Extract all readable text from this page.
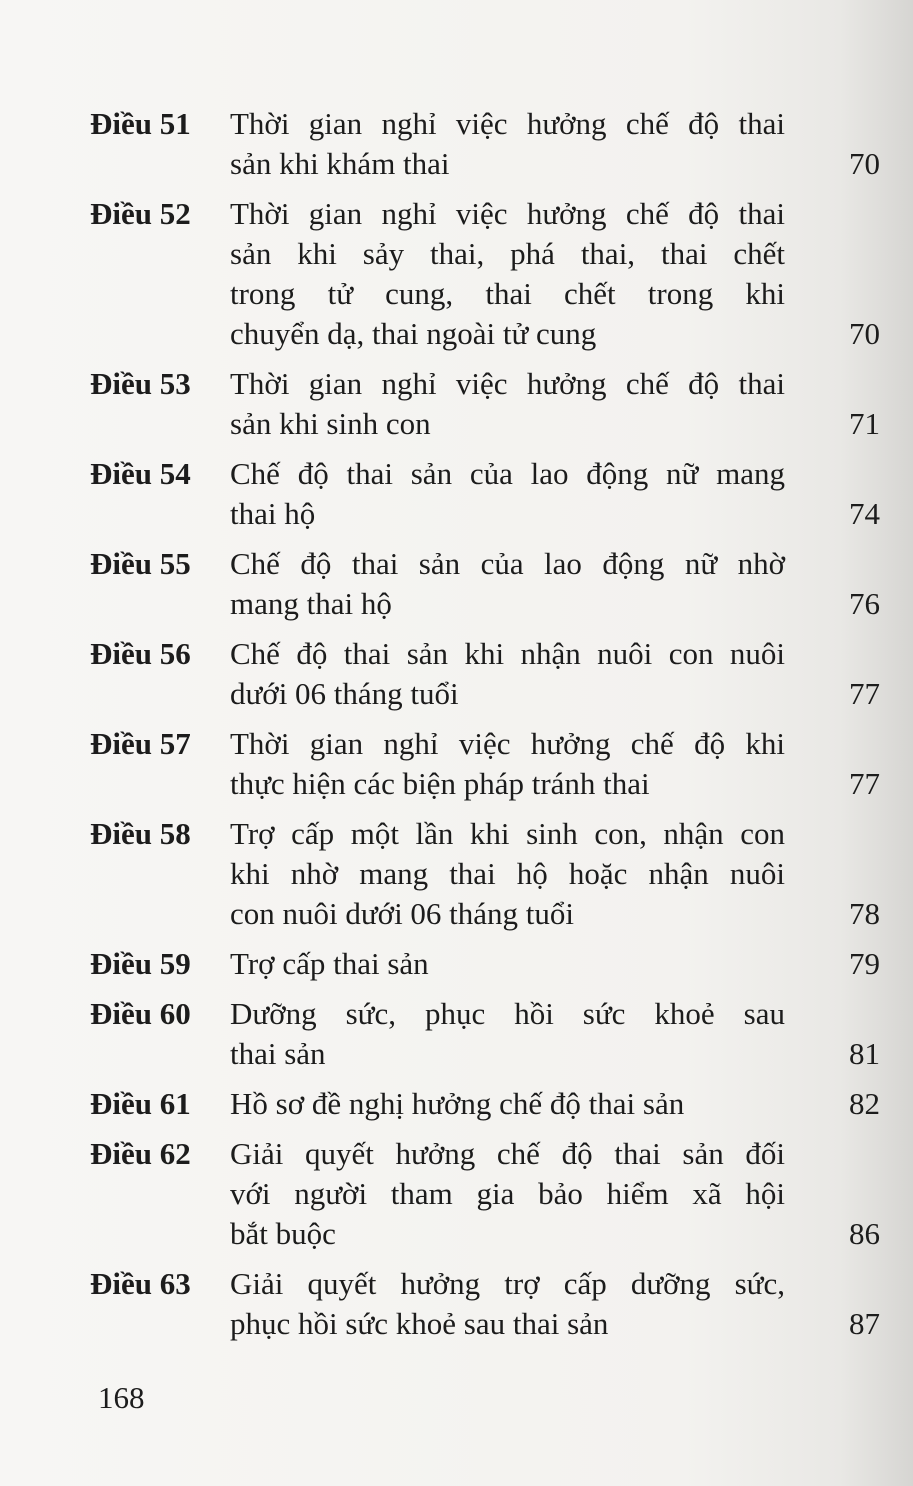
Điều 51	Thời gian nghỉ việc hưởng chế độ thai
sản khi khám thai	70
Điều 52	Thời gian nghỉ việc hưởng chế độ thai
sản khi sảy thai, phá thai, thai chết
trong tử cung, thai chết trong khi
chuyển dạ, thai ngoài tử cung	70
Điều 53	Thời gian nghỉ việc hưởng chế độ thai
sản khi sinh con	71
Điều 54	Chế độ thai sản của lao động nữ mang
thai hộ	74
Điều 55	Chế độ thai sản của lao động nữ nhờ
mang thai hộ	76
Điều 56	Chế độ thai sản khi nhận nuôi con nuôi
dưới 06 tháng tuổi	77
Điều 57	Thời gian nghỉ việc hưởng chế độ khi
thực hiện các biện pháp tránh thai	77
Điều 58	Trợ cấp một lần khi sinh con, nhận con
khi nhờ mang thai hộ hoặc nhận nuôi
con nuôi dưới 06 tháng tuổi	78
Điều 59	Trợ cấp thai sản	79
Điều 60	Dưỡng sức, phục hồi sức khoẻ sau
thai sản	81
Điều 61	Hồ sơ đề nghị hưởng chế độ thai sản	82
Điều 62	Giải quyết hưởng chế độ thai sản đối
với người tham gia bảo hiểm xã hội
bắt buộc	86
Điều 63	Giải quyết hưởng trợ cấp dưỡng sức,
phục hồi sức khoẻ sau thai sản	87
168
